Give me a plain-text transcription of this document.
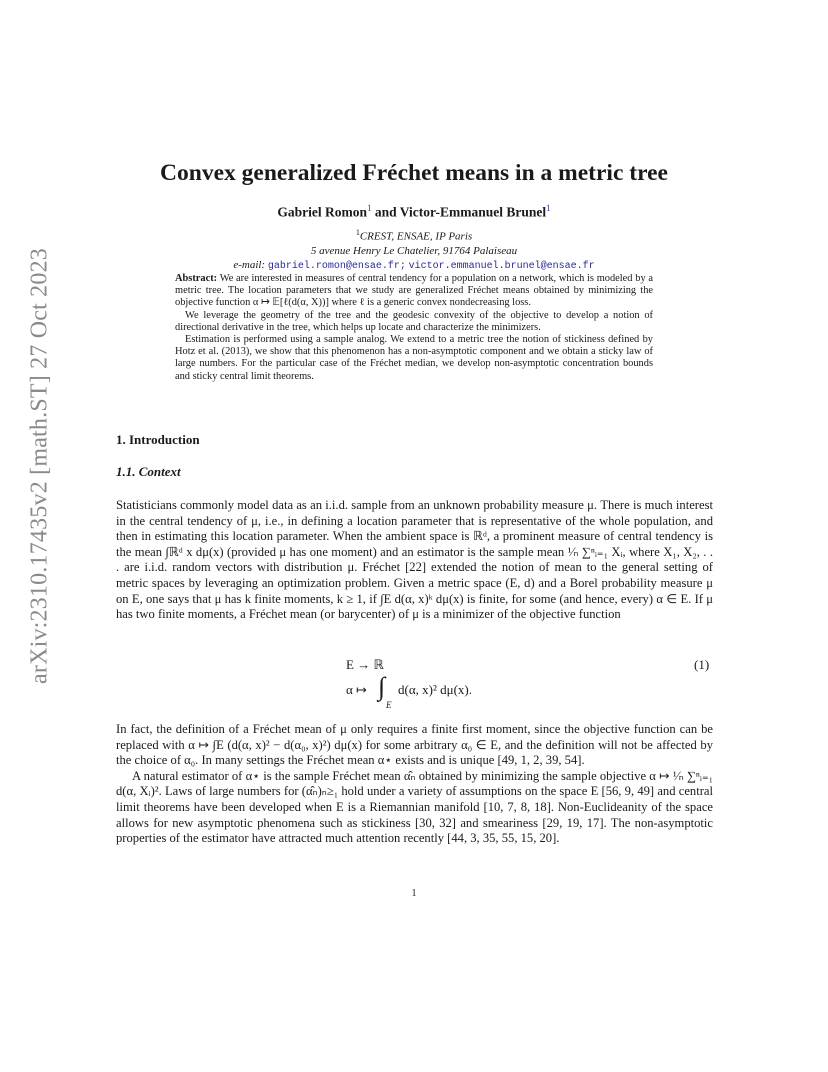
arXiv:2310.17435v2 [math.ST] 27 Oct 2023
Convex generalized Fréchet means in a metric tree
Gabriel Romon$^1$ and Victor-Emmanuel Brunel$^1$
$^1$CREST, ENSAE, IP Paris
5 avenue Henry Le Chatelier, 91764 Palaiseau
e-mail: gabriel.romon@ensae.fr; victor.emmanuel.brunel@ensae.fr

Abstract: We are interested in measures of central tendency for a population on a network, which is modeled by a metric tree. The location parameters that we study are generalized Fréchet means obtained by minimizing the objective function α ↦ 𝔼[ℓ(d(α, X))] where ℓ is a generic convex nondecreasing loss.

We leverage the geometry of the tree and the geodesic convexity of the objective to develop a notion of directional derivative in the tree, which helps up locate and characterize the minimizers.

Estimation is performed using a sample analog. We extend to a metric tree the notion of stickiness defined by Hotz et al. (2013), we show that this phenomenon has a non-asymptotic component and we obtain a sticky law of large numbers. For the particular case of the Fréchet median, we develop non-asymptotic concentration bounds and sticky central limit theorems.

1. Introduction
1.1. Context

Statisticians commonly model data as an i.i.d. sample from an unknown probability measure μ. There is much interest in the central tendency of μ, i.e., in defining a location parameter that is representative of the whole population, and then in estimating this location parameter. When the ambient space is ℝᵈ, a prominent measure of central tendency is the mean ∫ℝᵈ x dμ(x) (provided μ has one moment) and an estimator is the sample mean ¹⁄ₙ ∑ⁿᵢ₌₁ Xᵢ, where X₁, X₂, . . . are i.i.d. random vectors with distribution μ. Fréchet [22] extended the notion of mean to the general setting of metric spaces by leveraging an optimization problem. Given a metric space (E, d) and a Borel probability measure μ on E, one says that μ has k finite moments, k ≥ 1, if ∫E d(α, x)ᵏ dμ(x) is finite, for some (and hence, every) α ∈ E. If μ has two finite moments, a Fréchet mean (or barycenter) of μ is a minimizer of the objective function

E → ℝ	(1)
α ↦ ∫
E
d(α, x)² dμ(x).

In fact, the definition of a Fréchet mean of μ only requires a finite first moment, since the objective function can be replaced with α ↦ ∫E (d(α, x)² − d(α₀, x)²) dμ(x) for some arbitrary α₀ ∈ E, and the definition will not be affected by the choice of α₀. In many settings the Fréchet mean α⋆ exists and is unique [49, 1, 2, 39, 54].

A natural estimator of α⋆ is the sample Fréchet mean α̂ₙ obtained by minimizing the sample objective α ↦ ¹⁄ₙ ∑ⁿᵢ₌₁ d(α, Xᵢ)². Laws of large numbers for (α̂ₙ)ₙ≥₁ hold under a variety of assumptions on the space E [56, 9, 49] and central limit theorems have been developed when E is a Riemannian manifold [10, 7, 8, 18]. Non-Euclideanity of the space allows for new asymptotic phenomena such as stickiness [30, 32] and smeariness [29, 19, 17]. The non-asymptotic properties of the estimator have attracted much attention recently [44, 3, 35, 55, 15, 20].

1
